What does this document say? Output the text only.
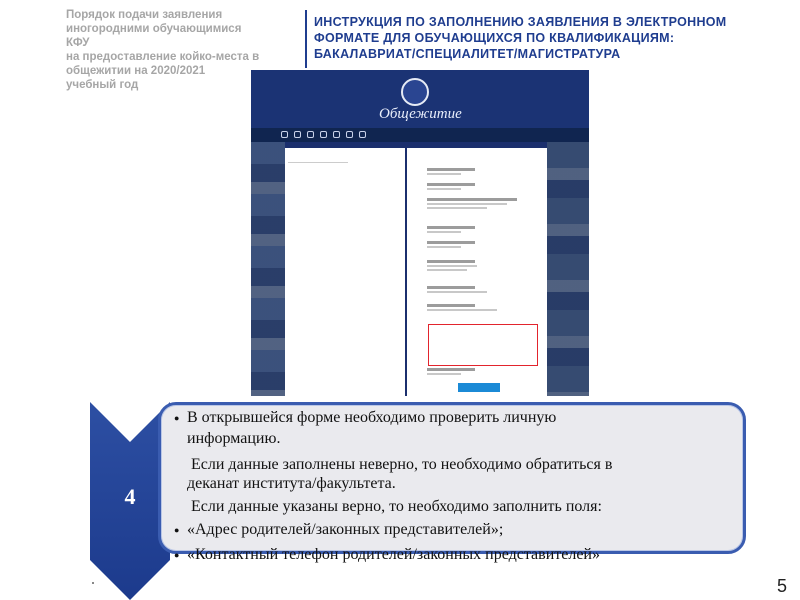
Порядок подачи заявления
иногородними обучающимися
КФУ
на предоставление койко-места в
общежитии на 2020/2021
учебный год
ИНСТРУКЦИЯ ПО ЗАПОЛНЕНИЮ ЗАЯВЛЕНИЯ В ЭЛЕКТРОННОМ
ФОРМАТЕ ДЛЯ ОБУЧАЮЩИХСЯ ПО КВАЛИФИКАЦИЯМ:
БАКАЛАВРИАТ/СПЕЦИАЛИТЕТ/МАГИСТРАТУРА
Общежитие
4
● В открывшейся форме необходимо проверить личную

информацию.

Если данные заполнены неверно, то необходимо обратиться в

деканат института/факультета.

Если данные указаны верно, то необходимо заполнить поля:

● «Адрес родителей/законных представителей»;

● «Контактный телефон родителей/законных представителей»

5
